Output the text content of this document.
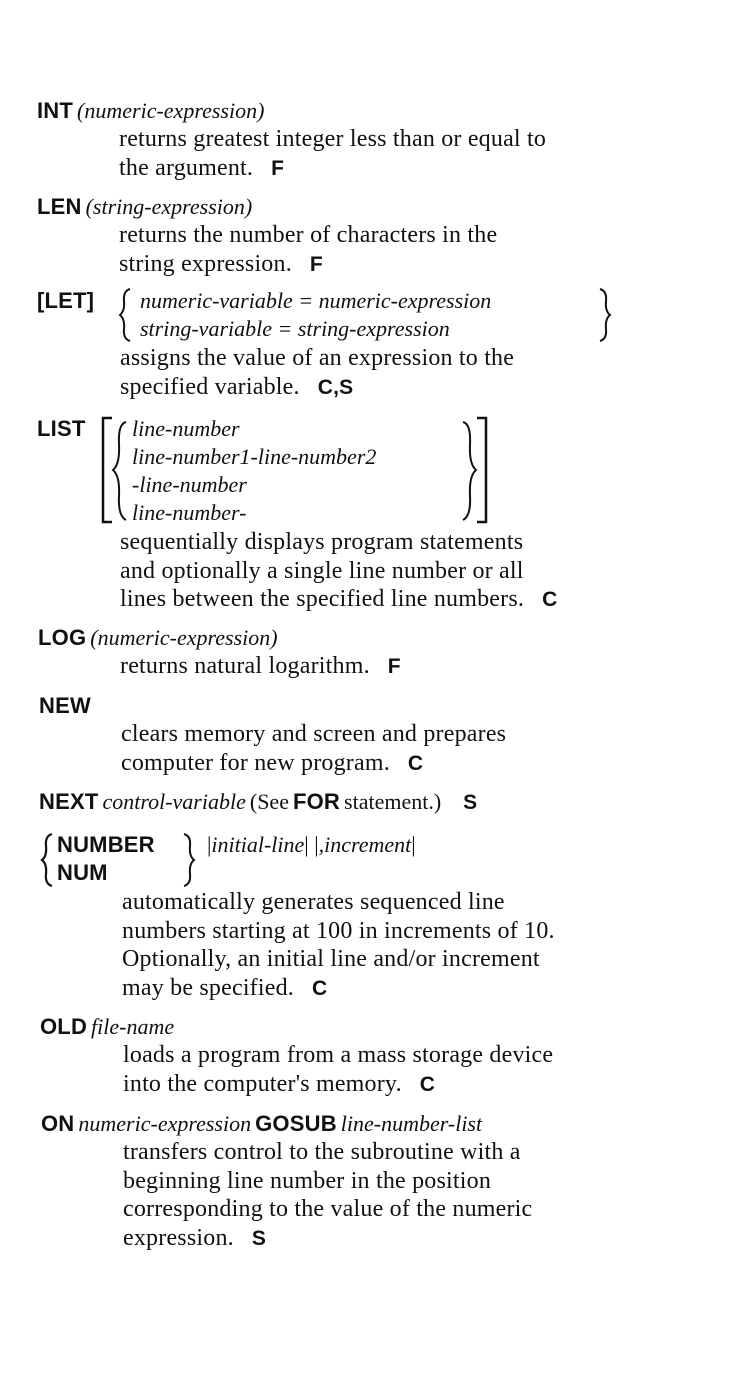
INT (numeric-expression)
returns greatest integer less than or equal to
the argument. F
LEN (string-expression)
returns the number of characters in the
string expression. F
[LET] numeric-variable = numeric-expression
string-variable = string-expression
assigns the value of an expression to the
specified variable. C,S
LIST line-number
line-number1-line-number2
-line-number
line-number-
sequentially displays program statements
and optionally a single line number or all
lines between the specified line numbers. C
LOG (numeric-expression)
returns natural logarithm. F
NEW
clears memory and screen and prepares
computer for new program. C
NEXT control-variable (See FOR statement.) S
NUMBER
NUM
|initial-line| |,increment|
automatically generates sequenced line
numbers starting at 100 in increments of 10.
Optionally, an initial line and/or increment
may be specified. C
OLD file-name
loads a program from a mass storage device
into the computer's memory. C
ON numeric-expression GOSUB line-number-list
transfers control to the subroutine with a
beginning line number in the position
corresponding to the value of the numeric
expression. S
